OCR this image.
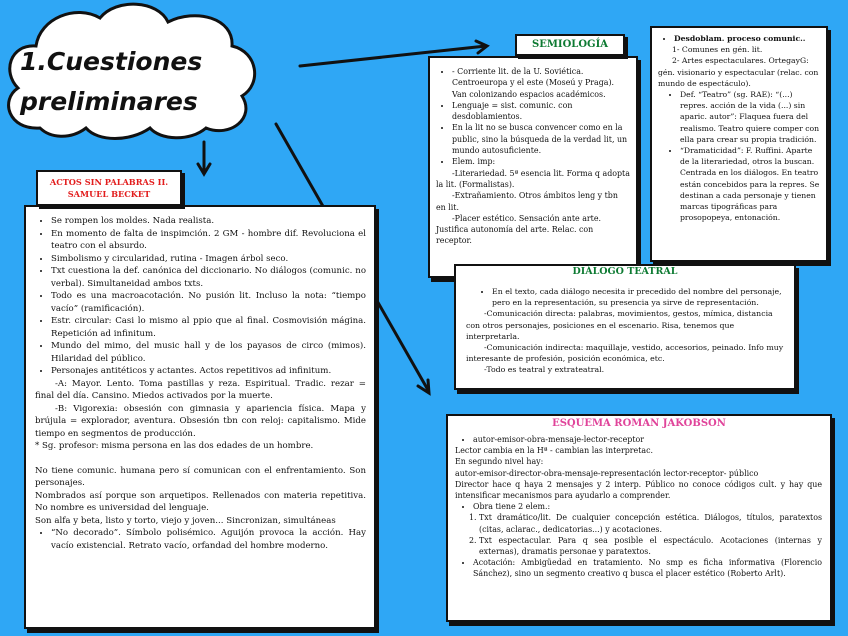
1.Cuestiones
preliminares
• Se rompen los moldes. Nada realista.
• En momento de falta de inspimción. 2 GM - hombre dif. Revoluciona el teatro con el absurdo.
• Simbolismo y circularidad, rutina - Imagen árbol seco.
• Txt cuestiona la def. canónica del diccionario. No diálogos (comunic. no verbal). Simultaneidad ambos txts.
• Todo es una macroacotación. No pusión lit. Incluso la nota: “tiempo vacío” (ramificación).
• Estr. circular: Casi lo mismo al ppio que al final. Cosmovisión mágina. Repetición ad infinitum.
• Mundo del mimo, del music hall y de los payasos de circo (mimos). Hilaridad del público.
• Personajes antitéticos y actantes. Actos repetitivos ad infinitum.

-A: Mayor. Lento. Toma pastillas y reza. Espiritual. Tradic. rezar = final del día. Cansino. Miedos activados por la muerte.

-B: Vigorexia: obsesión con gimnasia y apariencia física. Mapa y brújula = explorador, aventura. Obsesión tbn con reloj: capitalismo. Mide tiempo en segmentos de producción.

* Sg. profesor: misma persona en las dos edades de un hombre.

No tiene comunic. humana pero sí comunican con el enfrentamiento. Son personajes.

Nombrados así porque son arquetipos. Rellenados con materia repetitiva. No nombre es universidad del lenguaje.

Son alfa y beta, listo y torto, viejo y joven... Sincronizan, simultáneas

• “No decorado”. Símbolo polisémico. Aguijón provoca la acción. Hay vacío existencial. Retrato vacío, orfandad del hombre moderno.
ACTOS SIN PALABRAS II. SAMUEL BECKET
• - Corriente lit. de la U. Soviética. Centroeuropa y el este (Moseú y Praga). Van colonizando espacios académicos.
• Lenguaje = sist. comunic. con desdoblamientos.
• En la lit no se busca convencer como en la public, sino la búsqueda de la verdad lit, un mundo autosuficiente.
• Elem. imp:

-Literariedad. 5ª esencia lit. Forma q adopta la lit. (Formalistas).

-Extrañamiento. Otros ámbitos leng y tbn en lit.

-Placer estético. Sensación ante arte. Justifica autonomía del arte. Relac. con receptor.

SEMIOLOGÍA
• Desdoblam. proceso comunic..

1- Comunes en gén. lit.

2- Artes espectaculares. OrtegayG: gén. visionario y espectacular (relac. con mundo de espectáculo).

• Def. “Teatro” (sg. RAE): “(...) repres. acción de la vida (...) sin aparic. autor”: Flaquea fuera del realismo. Teatro quiere comper con ella para crear su propia tradición.
• “Dramaticidad”: F. Ruffini. Aparte de la literariedad, otros la buscan. Centrada en los diálogos. En teatro están concebidos para la repres. Se destinan a cada personaje y tienen marcas tipográficas para prosopopeya, entonación.
• En el texto, cada diálogo necesita ir precedido del nombre del personaje, pero en la representación, su presencia ya sirve de representación.

-Comunicación directa: palabras, movimientos, gestos, mímica, distancia con otros personajes, posiciones en el escenario. Risa, tenemos que interpretarla.

-Comunicación indirecta: maquillaje, vestido, accesorios, peinado. Info muy interesante de profesión, posición económica, etc.

-Todo es teatral y extrateatral.

DIÁLOGO TEATRAL
• autor-emisor-obra-mensaje-lector-receptor

Lector cambia en la Hª - cambian las interpretac.

En segundo nivel hay:

autor-emisor-director-obra-mensaje-representación lector-receptor- público

Director hace q haya 2 mensajes y 2 interp. Público no conoce códigos cult. y hay que intensificar mecanismos para ayudarlo a comprender.

• Obra tiene 2 elem.:
1. Txt dramático/lit. De cualquier concepción estética. Diálogos, títulos, paratextos (citas, aclarac., dedicatorias...) y acotaciones.
2. Txt espectacular. Para q sea posible el espectáculo. Acotaciones (internas y externas), dramatis personae y paratextos.
• Acotación: Ambigüedad en tratamiento. No smp es ficha informativa (Florencio Sánchez), sino un segmento creativo q busca el placer estético (Roberto Arlt).
ESQUEMA ROMAN JAKOBSON
